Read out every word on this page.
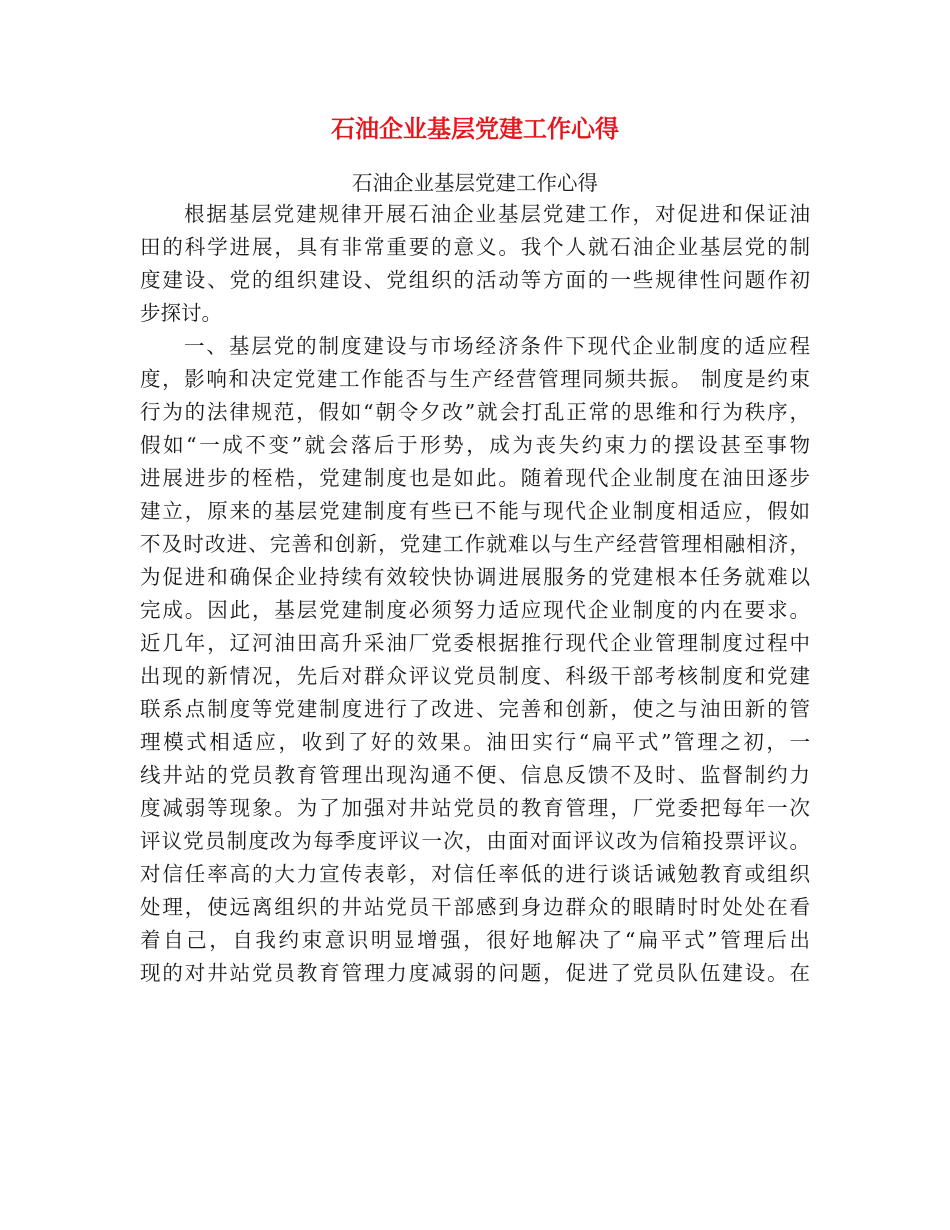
石油企业基层党建工作心得
石油企业基层党建工作心得
根据基层党建规律开展石油企业基层党建工作，对促进和保证油
田的科学进展，具有非常重要的意义。我个人就石油企业基层党的制
度建设、党的组织建设、党组织的活动等方面的一些规律性问题作初
步探讨。
一、基层党的制度建设与市场经济条件下现代企业制度的适应程
度，影响和决定党建工作能否与生产经营管理同频共振。 制度是约束
行为的法律规范，假如“朝令夕改”就会打乱正常的思维和行为秩序，
假如“一成不变”就会落后于形势，成为丧失约束力的摆设甚至事物
进展进步的桎梏，党建制度也是如此。随着现代企业制度在油田逐步
建立，原来的基层党建制度有些已不能与现代企业制度相适应，假如
不及时改进、完善和创新，党建工作就难以与生产经营管理相融相济，
为促进和确保企业持续有效较快协调进展服务的党建根本任务就难以
完成。因此，基层党建制度必须努力适应现代企业制度的内在要求。
近几年，辽河油田高升采油厂党委根据推行现代企业管理制度过程中
出现的新情况，先后对群众评议党员制度、科级干部考核制度和党建
联系点制度等党建制度进行了改进、完善和创新，使之与油田新的管
理模式相适应，收到了好的效果。油田实行“扁平式”管理之初，一
线井站的党员教育管理出现沟通不便、信息反馈不及时、监督制约力
度减弱等现象。为了加强对井站党员的教育管理，厂党委把每年一次
评议党员制度改为每季度评议一次，由面对面评议改为信箱投票评议。
对信任率高的大力宣传表彰，对信任率低的进行谈话诫勉教育或组织
处理，使远离组织的井站党员干部感到身边群众的眼睛时时处处在看
着自己，自我约束意识明显增强，很好地解决了“扁平式”管理后出
现的对井站党员教育管理力度减弱的问题，促进了党员队伍建设。在
